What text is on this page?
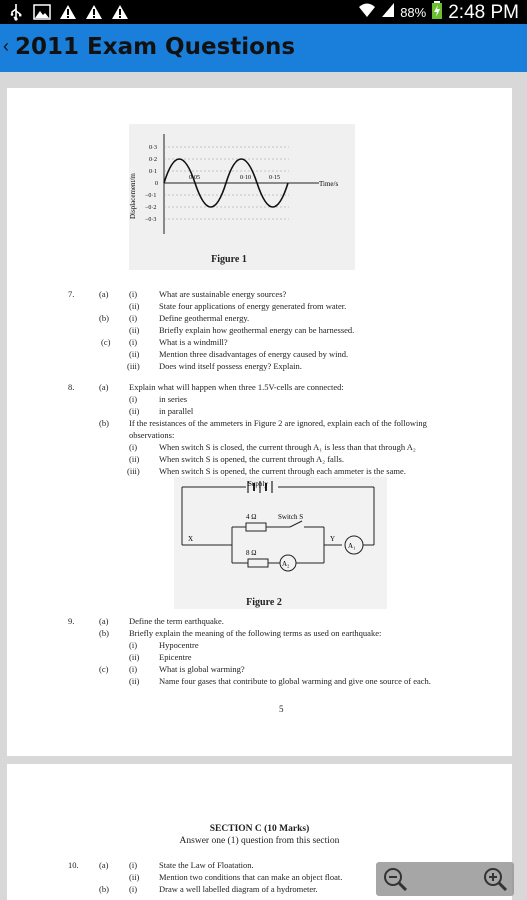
88% 2:48 PM
‹ 2011 Exam Questions
Displacement/m
0·3
0·2
0·1
0
−0·1
−0·2
−0·3
0·05	0·10	0·15
Time/s
Figure 1
7.	(a) (i)	What are sustainable energy sources?
(ii) State four applications of energy generated from water.
(b) (i)	Define geothermal energy.
(ii) Briefly explain how geothermal energy can be harnessed.
(c) (i)	What is a windmill?
(ii) Mention three disadvantages of energy caused by wind.
(iii) Does wind itself possess energy? Explain.
8.	(a) Explain what will happen when three 1.5V-cells are connected:
(i)	in series
(ii) in parallel
(b) If the resistances of the ammeters in Figure 2 are ignored, explain each of the following
observations:
(i)	When switch S is closed, the current through A₁ is less than that through A₂
(ii) When switch S is opened, the current through A₂ falls.
(iii) When switch S is opened, the current through each ammeter is the same.
Supply
4 Ω	Switch S
8 Ω
X	Y
A₁
A₂
Figure 2
9.	(a) Define the term earthquake.
(b) Briefly explain the meaning of the following terms as used on earthquake:
(i)	Hypocentre
(ii) Epicentre
(c) (i)	What is global warming?
(ii) Name four gases that contribute to global warming and give one source of each.
5
SECTION C (10 Marks)
Answer one (1) question from this section
10. (a) (i)	State the Law of Floatation.
(ii) Mention two conditions that can make an object float.
(b) (i)	Draw a well labelled diagram of a hydrometer.
